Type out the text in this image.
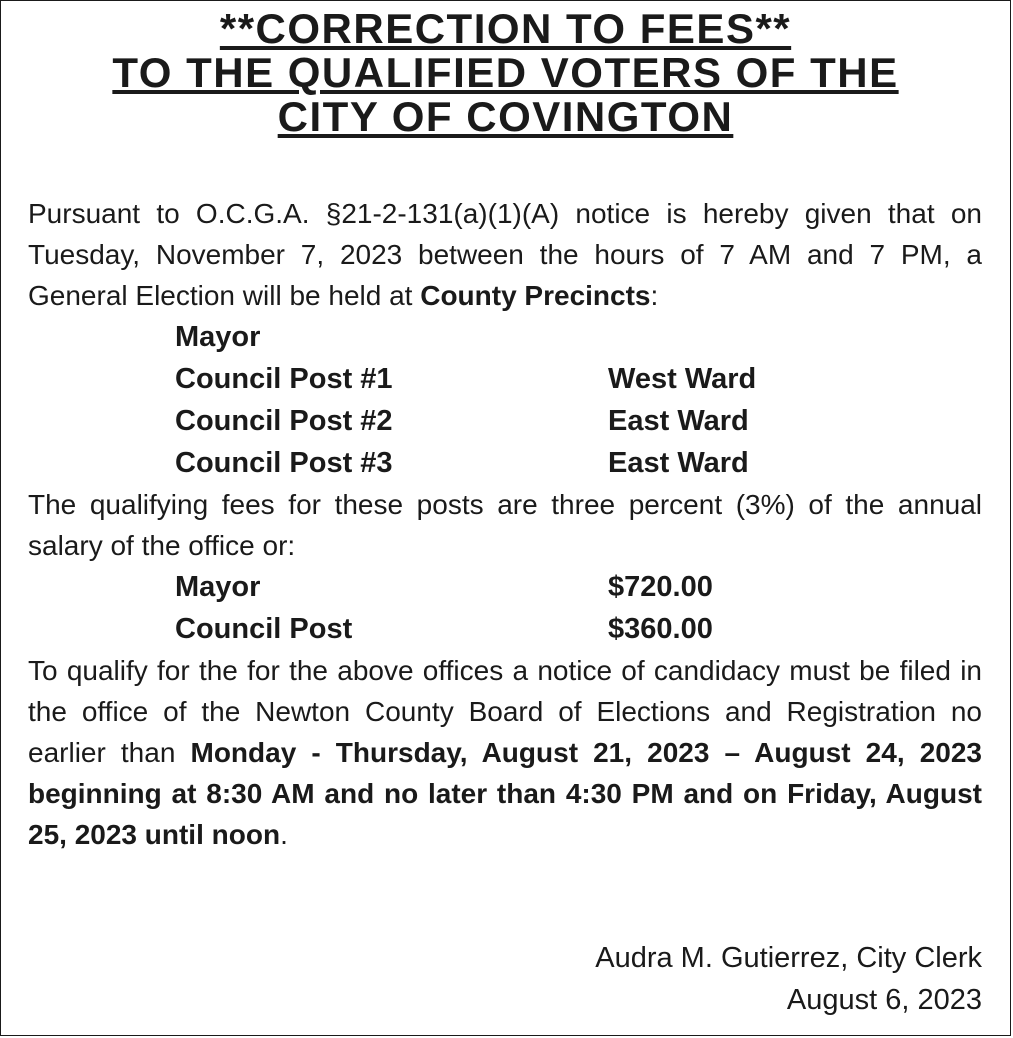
**CORRECTION TO FEES**
TO THE QUALIFIED VOTERS OF THE
CITY OF COVINGTON

Pursuant to O.C.G.A. §21-2-131(a)(1)(A) notice is hereby given that on Tuesday, November 7, 2023 between the hours of 7 AM and 7 PM, a General Election will be held at County Precincts:

Mayor
Council Post #1	West Ward
Council Post #2	East Ward
Council Post #3	East Ward

The qualifying fees for these posts are three percent (3%) of the annual salary of the office or:

Mayor	$720.00
Council Post	$360.00

To qualify for the for the above offices a notice of candidacy must be filed in the office of the Newton County Board of Elections and Registration no earlier than Monday - Thursday, August 21, 2023 – August 24, 2023 beginning at 8:30 AM and no later than 4:30 PM and on Friday, August 25, 2023 until noon.

Audra M. Gutierrez, City Clerk
August 6, 2023
